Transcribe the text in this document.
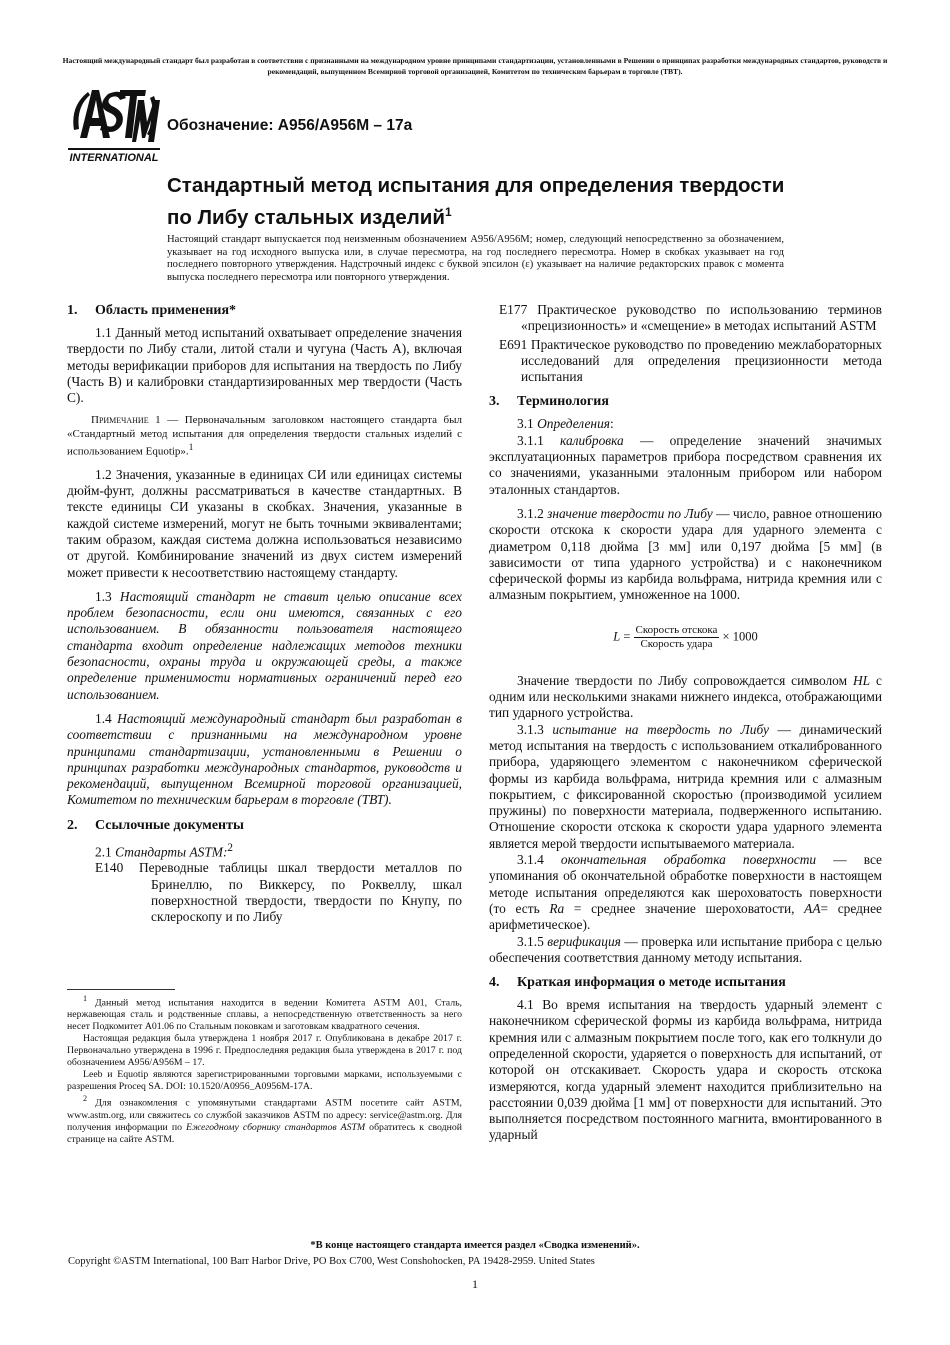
Настоящий международный стандарт был разработан в соответствии с признанными на международном уровне принципами стандартизации, установленными в Решении о принципах разработки международных стандартов, руководств и рекомендаций, выпущенном Всемирной торговой организацией, Комитетом по техническим барьерам в торговле (ТВТ).
INTERNATIONAL
Обозначение: A956/A956M – 17a
Стандартный метод испытания для определения твердости по Либу стальных изделий$^1$

Настоящий стандарт выпускается под неизменным обозначением A956/A956M; номер, следующий непосредственно за обозначением, указывает на год исходного выпуска или, в случае пересмотра, на год последнего пересмотра. Номер в скобках указывает на год последнего повторного утверждения. Надстрочный индекс с буквой эпсилон (ε) указывает на наличие редакторских правок с момента выпуска последнего пересмотра или повторного утверждения.

1. Область применения*

1.1 Данный метод испытаний охватывает определение значения твердости по Либу стали, литой стали и чугуна (Часть А), включая методы верификации приборов для испытания на твердость по Либу (Часть В) и калибровки стандартизированных мер твердости (Часть С).

Примечание 1 — Первоначальным заголовком настоящего стандарта был «Стандартный метод испытания для определения твердости стальных изделий с использованием Equotip».$^1$

1.2 Значения, указанные в единицах СИ или единицах системы дюйм-фунт, должны рассматриваться в качестве стандартных. В тексте единицы СИ указаны в скобках. Значения, указанные в каждой системе измерений, могут не быть точными эквивалентами; таким образом, каждая система должна использоваться независимо от другой. Комбинирование значений из двух систем измерений может привести к несоответствию настоящему стандарту.

1.3 Настоящий стандарт не ставит целью описание всех проблем безопасности, если они имеются, связанных с его использованием. В обязанности пользователя настоящего стандарта входит определение надлежащих методов техники безопасности, охраны труда и окружающей среды, а также определение применимости нормативных ограничений перед его использованием.

1.4 Настоящий международный стандарт был разработан в соответствии с признанными на международном уровне принципами стандартизации, установленными в Решении о принципах разработки международных стандартов, руководств и рекомендаций, выпущенном Всемирной торговой организацией, Комитетом по техническим барьерам в торговле (ТВТ).

2. Ссылочные документы

2.1 Стандарты ASTM:$^2$

E140 Переводные таблицы шкал твердости металлов по Бринеллю, по Виккерсу, по Роквеллу, шкал поверхностной твердости, твердости по Кнупу, по склероскопу и по Либу

$^1$ Данный метод испытания находится в ведении Комитета ASTM A01, Сталь, нержавеющая сталь и родственные сплавы, а непосредственную ответственность за него несет Подкомитет A01.06 по Стальным поковкам и заготовкам квадратного сечения.

Настоящая редакция была утверждена 1 ноября 2017 г. Опубликована в декабре 2017 г. Первоначально утверждена в 1996 г. Предпоследняя редакция была утверждена в 2017 г. под обозначением A956/A956M – 17.

Leeb и Equotip являются зарегистрированными торговыми марками, используемыми с разрешения Proceq SA. DOI: 10.1520/A0956_A0956M-17A.

$^2$ Для ознакомления с упомянутыми стандартами ASTM посетите сайт ASTM, www.astm.org, или свяжитесь со службой заказчиков ASTM по адресу: service@astm.org. Для получения информации по Ежегодному сборнику стандартов ASTM обратитесь к сводной странице на сайте ASTM.

E177 Практическое руководство по использованию терминов «прецизионность» и «смещение» в методах испытаний ASTM

E691 Практическое руководство по проведению межлабораторных исследований для определения прецизионности метода испытания

3. Терминология

3.1 Определения:

3.1.1 калибровка — определение значений значимых эксплуатационных параметров прибора посредством сравнения их со значениями, указанными эталонным прибором или набором эталонных стандартов.

3.1.2 значение твердости по Либу — число, равное отношению скорости отскока к скорости удара для ударного элемента с диаметром 0,118 дюйма [3 мм] или 0,197 дюйма [5 мм] (в зависимости от типа ударного устройства) и с наконечником сферической формы из карбида вольфрама, нитрида кремния или с алмазным покрытием, умноженное на 1000.

$L = \frac{\text{Скорость отскока}}{\text{Скорость удара}} \times 1000$

Значение твердости по Либу сопровождается символом HL с одним или несколькими знаками нижнего индекса, отображающими тип ударного устройства.

3.1.3 испытание на твердость по Либу — динамический метод испытания на твердость с использованием откалиброванного прибора, ударяющего элементом с наконечником сферической формы из карбида вольфрама, нитрида кремния или с алмазным покрытием, с фиксированной скоростью (производимой усилием пружины) по поверхности материала, подверженного испытанию. Отношение скорости отскока к скорости удара ударного элемента является мерой твердости испытываемого материала.

3.1.4 окончательная обработка поверхности — все упоминания об окончательной обработке поверхности в настоящем методе испытания определяются как шероховатость поверхности (то есть Ra = среднее значение шероховатости, AA= среднее арифметическое).

3.1.5 верификация — проверка или испытание прибора с целью обеспечения соответствия данному методу испытания.

4. Краткая информация о методе испытания

4.1 Во время испытания на твердость ударный элемент с наконечником сферической формы из карбида вольфрама, нитрида кремния или с алмазным покрытием после того, как его толкнули до определенной скорости, ударяется о поверхность для испытаний, от которой он отскакивает. Скорость удара и скорость отскока измеряются, когда ударный элемент находится приблизительно на расстоянии 0,039 дюйма [1 мм] от поверхности для испытаний. Это выполняется посредством постоянного магнита, вмонтированного в ударный

*В конце настоящего стандарта имеется раздел «Сводка изменений».
Copyright ©ASTM International, 100 Barr Harbor Drive, PO Box C700, West Conshohocken, PA 19428-2959. United States
1
